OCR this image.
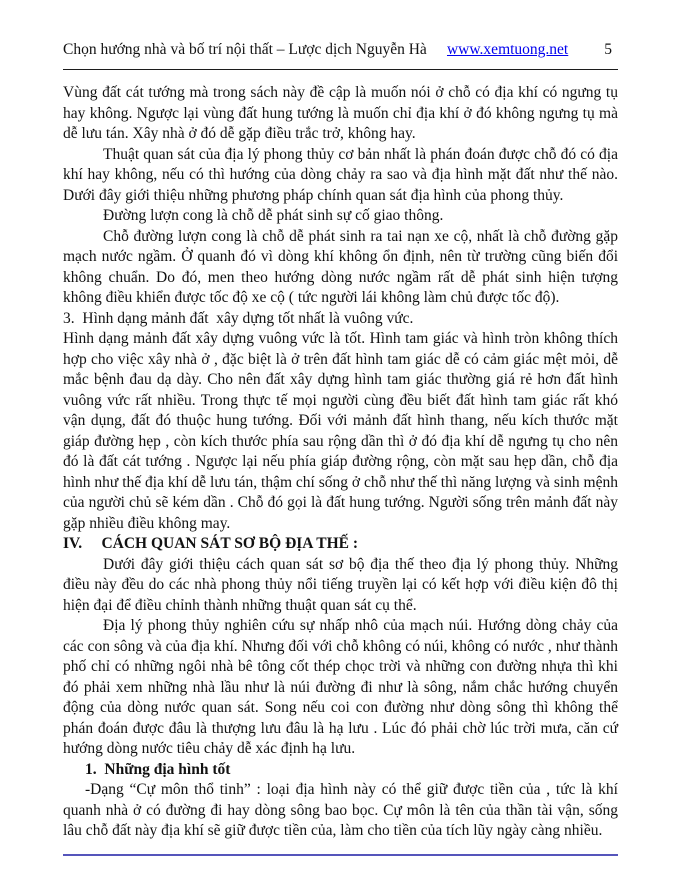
Chọn hướng nhà và bố trí nội thất – Lược dịch Nguyễn Hà www.xemtuong.net 5

Vùng đất cát tướng mà trong sách này đề cập là muốn nói ở chỗ có địa khí có ngưng tụ hay không. Ngược lại vùng đất hung tướng là muốn chỉ địa khí ở đó không ngưng tụ mà dễ lưu tán. Xây nhà ở đó dễ gặp điều trắc trở, không hay.

Thuật quan sát của địa lý phong thủy cơ bản nhất là phán đoán được chỗ đó có địa khí hay không, nếu có thì hướng của dòng chảy ra sao và địa hình mặt đất như thế nào. Dưới đây giới thiệu những phương pháp chính quan sát địa hình của phong thủy.

Đường lượn cong là chỗ dễ phát sinh sự cố giao thông.

Chỗ đường lượn cong là chỗ dễ phát sinh ra tai nạn xe cộ, nhất là chỗ đường gặp mạch nước ngầm. Ở quanh đó vì dòng khí không ổn định, nên từ trường cũng biến đổi không chuẩn. Do đó, men theo hướng dòng nước ngầm rất dễ phát sinh hiện tượng không điều khiển được tốc độ xe cộ ( tức người lái không làm chủ được tốc độ).

3.  Hình dạng mảnh đất  xây dựng tốt nhất là vuông vức.

Hình dạng mảnh đất xây dựng vuông vức là tốt. Hình tam giác và hình tròn không thích hợp cho việc xây nhà ở , đặc biệt là ở trên đất hình tam giác dễ có cảm giác mệt mỏi, dễ mắc bệnh đau dạ dày. Cho nên đất xây dựng hình tam giác thường giá rẻ hơn đất hình vuông vức rất nhiều. Trong thực tế mọi người cùng đều biết đất hình tam giác rất khó vận dụng, đất đó thuộc hung tướng. Đối với mảnh đất hình thang, nếu kích thước mặt giáp đường hẹp , còn kích thước phía sau rộng dần thì ở đó địa khí dễ ngưng tụ cho nên đó là đất cát tướng . Ngược lại nếu phía giáp đường rộng, còn mặt sau hẹp dần, chỗ địa hình như thế địa khí dễ lưu tán, thậm chí sống ở chỗ như thế thì năng lượng và sinh mệnh của người chủ sẽ kém dần . Chỗ đó gọi là đất hung tướng. Người sống trên mảnh đất này gặp nhiều điều không may.

IV.     CÁCH QUAN SÁT SƠ BỘ ĐỊA THẾ :

Dưới đây giới thiệu cách quan sát sơ bộ địa thế theo địa lý phong thủy. Những điều này đều do các nhà phong thủy nổi tiếng truyền lại có kết hợp với điều kiện đô thị hiện đại để điều chỉnh thành những thuật quan sát cụ thể.

Địa lý phong thủy nghiên cứu sự nhấp nhô của mạch núi. Hướng dòng chảy của các con sông và của địa khí. Nhưng đối với chỗ không có núi, không có nước , như thành phố chỉ có những ngôi nhà bê tông cốt thép chọc trời và những con đường nhựa thì khi đó phải xem những nhà lầu như là núi đường đi như là sông, nắm chắc hướng chuyển động của dòng nước quan sát. Song nếu coi con đường như dòng sông thì không thể phán đoán được đâu là thượng lưu đâu là hạ lưu . Lúc đó phải chờ lúc trời mưa, căn cứ hướng dòng nước tiêu chảy dễ xác định hạ lưu.

1.  Những địa hình tốt

-Dạng “Cự môn thổ tinh” : loại địa hình này có thể giữ được tiền của , tức là khí quanh nhà ở có đường đi hay dòng sông bao bọc. Cự môn là tên của thần tài vận, sống lâu chỗ đất này địa khí sẽ giữ được tiền của, làm cho tiền của tích lũy ngày càng nhiều.
